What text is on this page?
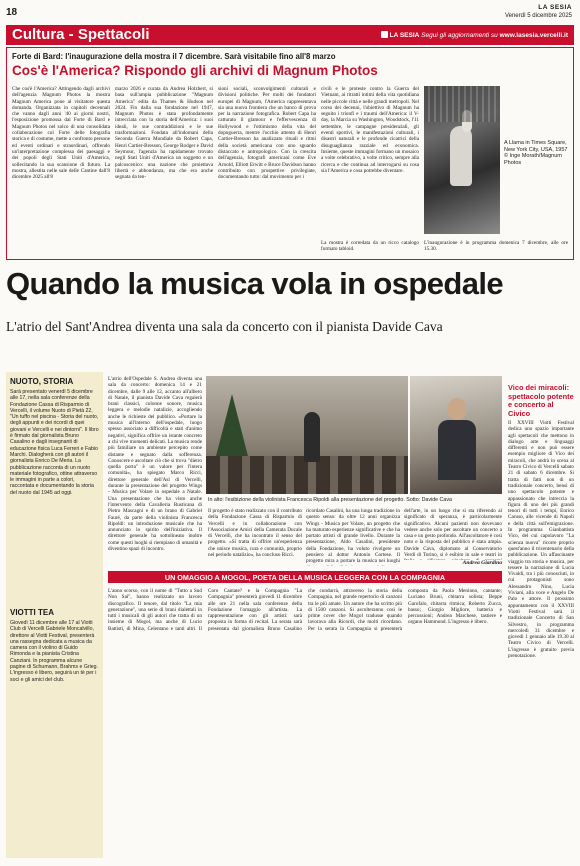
18	LA SESIA
Venerdì 5 dicembre 2025
Cultura - Spettacoli	LA SESIA Segui gli aggiornamenti su www.lasesia.vercelli.it
Forte di Bard: l'inaugurazione della mostra il 7 dicembre. Sarà visitabile fino all'8 marzo
Cos'è l'America? Rispondo gli archivi di Magnum Photos
Che cos'è l'America? Attingendo dagli archivi dell'agenzia Magnum Photos la mostra Magnum America pone al visitatore questa domanda. Organizzata in capitoli decennali che vanno dagli anni '40 ai giorni nostri, l'esposizione promossa dal Forte di Bard e Magnum Photos nel solco di una consolidata collaborazione col Forte delle fotografia storica e di costume, mette a confronto persone ed eventi ordinari e straordinari, offrendo un'interpretazione complessa dei paesaggi e dei popoli degli Stati Uniti d'America, sollecitando la sua scansione di futuro. La mostra, allestita nelle sale delle Cantine dall'8 dicembre 2025 all'8
marzo 2026 e curata da Andrea Holzherr, si basa sull'ampia pubblicazione "Magnum America" edita da Thames & Hudson nel 2024. Fin dalla sua fondazione nel 1947, Magnum Photos è stata profondamente intrecciata con la storia dell'America: i suoi ideali, le sue contraddizioni e le sue trasformazioni. Fondata all'indomani della Seconda Guerra Mondiale da Robert Capa, Henri Cartier-Bresson, George Rodger e David Seymour, l'agenzia ha rapidamente trovato negli Stati Uniti d'America un soggetto e un palcoscenico: una nazione che proiettava libertà e abbondanza, ma che era anche segnata da ten-
sioni sociali, sconvolgimenti culturali e divisioni politiche. Per molti dei fondatori europei di Magnum, l'America rappresentava sia una nuova frontiera che un banco di prova per la narrazione fotografica. Robert Capa ha catturato il glamour e l'effervescenza di Hollywood e l'ottimismo della vita del dopoguerra, mentre l'occhio attento di Henri Cartier-Bresson ha analizzato rituali e ritmi della società americana con uno sguardo distaccato e antropologico. Con la crescita dell'agenzia, fotografi americani come Eve Arnold, Elliott Erwitt e Bruce Davidson hanno contribuito con prospettive privilegiate, documentando tutto: dal movimento per i
civili e le proteste contro la Guerra del Vietnam, ai ritratti intimi della vita quotidiana nelle piccole città e nelle grandi metropoli. Nel corso dei decenni, l'obiettivo di Magnum ha seguito i trionfi e i traumi dell'America: il V-day, la Marcia su Washington, Woodstock, l'11 settembre, le campagne presidenziali, gli eventi sportivi, le manifestazioni culturali, i disastri naturali e le profonde cicatrici della disuguaglianza razziale ed economica. Insieme, queste immagini formano un mosaico a volte celebrativo, a volte critico, sempre alla ricerca e che continua ad interrogarsi su cosa sia l'America e cosa potrebbe diventare.
La mostra è corredata da un ricco catalogo formato tabloid.
A Llama in Times Square, New York City, USA, 1957 © Inge Morath/Magnum Photos
L'inaugurazione è in programma domenica 7 dicembre, alle ore 15.30.
Quando la musica vola in ospedale
L'atrio del Sant'Andrea diventa una sala da concerto con il pianista Davide Cava
NUOTO, STORIA
Sarà presentato venerdì 5 dicembre alle 17, nella sala conferenze della Fondazione Cassa di Risparmio di Vercelli, il volume Nuoto di Pietà 22, "Un tuffo nel piscina - Storia del nuoto, degli appunti e dei ricordi di quei giovani e Vercelli e nei dintorni". Il libro è firmato dal giornalista Bruno Casalino e dagli insegnanti di educazione fisica Luca Ferreri e Fabio Marchi. Dialogherà con gli autori il giornalista Enrico De Meria. La pubblicazione racconta di un nuoto materiale fotografico, ottine attraverso le immagini in parte a colori, raccontata e documentando la storia del nuoto dal 1945 ad oggi.
VIOTTI TEA
Giovedì 11 dicembre alle 17 al Viotti Club di Vercelli Gabriele Moncalvillo, direttore al Viotti Festival, presenterà una rassegna dedicata a musica da camera con il violino di Guido Rimonda e la pianista Cristina Canziani. In programma alcune pagine di Schumann, Brahms e Grieg. L'ingresso è libero, seguirà un tè per i soci e gli amici del club.
In alto: l'esibizione della violinista Francesca Ripoldi alla presentazione del progetto. Sotto: Davide Cava
L'atrio dell'Ospedale S. Andrea diventa una sala da concerto: domenica 14 e 21 dicembre, dalle 9 alle 12, accanto all'albero di Natale, il pianista Davide Cava regalerà brani classici, colonne sonore, musica leggera e melodie natalizie, accogliendo anche le richieste del pubblico. «Portare la musica all'interno dell'ospedale, luogo spesso associato a difficoltà e stati d'animo negativi, significa offrire un istante concreto a chi vive momenti delicati. La musica rende più familiare un ambiente percepito come distante e segnato dalla sofferenza. Conoscere e ascoltare ciò che si trova "dietro quella porta" è un valore per l'intera comunità», ha spiegato Marco Ricci, direttore generale dell'Asl di Vercelli, durante la presentazione del progetto Wings - Musica per Volare in ospedale a Natale. Una presentazione che ha visto anche l'intervento della Cavalleria Rusticana di Pietro Mascagni e di un brano di Gabriel Fauré, da parte della violinista Francesca Ripoldi: un introduzione musicale che ha annunciato lo spirito dell'iniziativa. Il direttore generale ha sottolineato inoltre come questi luoghi si riempiano di umanità e diventino spazi di incontro.
Il progetto è stato realizzato con il contributo della Fondazione Cassa di Risparmio di Vercelli e in collaborazione con l'Associazione Amici della Camerata Ducale di Vercelli, che ha incontrato il senso del progetto. «Si tratta di offrire un'esperienza che unisce musica, cura e comunità, proprio nel periodo natalizio», ha concluso Ricci.
ricordato Casalini, ha una lunga tradizione in questo senso: da oltre 12 anni organizza Wings - Musica per Volare, un progetto che ha maturato esperienze significative e che ha portato artisti di grande livello. Durante la presentazione, Aldo Casalini, presidente della Fondazione, ha voluto rivolgere un pensiero al dottor Antonio Cortese. Il progetto mira a portare la musica nei luoghi
dell'arte, in un luogo che si sta riferendo al significato di speranza, è particolarmente significativo. Alcuni pazienti non dovevano vedere anche solo per ascoltare un concerto a casa e un gesto profondo. All'ascoltatore è così noto e la risposta del pubblico è stata ampia. Davide Cava, diplomato al Conservatorio Verdi di Torino, si è esibito in sale e teatri in
Andrea Giardina
Vico dei miracoli: spettacolo potente e concerto al Civico
Il XXVIII Viotti Festival dedica uno spazio importante agli spettacoli che mettono in dialogo arte e linguaggi differenti e non può essere esempio migliore di Vico dei miracoli, che andrà in scena al Teatro Civico di Vercelli sabato 21 di sabato 6 dicembre. Si tratta di fatti non di un tradizionale concerto, bensì di uno spettacolo potente e appassionato che intreccia la figura di uno dei più grandi tenori di tutti i tempi, Enrico Caruso, alle vicende di Napoli e della città sull'emigrazione. In programma Gianbattista Vico, del cui capolavoro "La scienza nuova" ricorre proprio quest'anno il tricentenario della pubblicazione. Un affascinante viaggio tra storia e musica, per tessere la narrazione di Lucia Vivaldi, tra i più conosciuti, in cui protagonisti sono Alessandro Nino, Lucia Viviani, alla voce e Angelo De Palo e attore. Il prossimo appuntamento con il XXVIII Viotti Festival sarà il tradizionale Concerto di San Silvestro, in programma mercoledì 31 dicembre e giovedì 1 gennaio alle 19.30 al Teatro Civico di Vercelli. L'ingresso è gratuito previa prenotazione.
UN OMAGGIO A MOGOL, POETA DELLA MUSICA LEGGERA CON LA COMPAGNIA

L'anno scorso, con il nome di "Tutto a Sud Non Sai", hanno realizzato un lavoro discografico. Il tenore, dal titolo "La mia generazione", una serie di brani dialettali in tutti i musicali di gli autori che tratta di un insieme di Mogol, ma anche di Lucio Battisti, di Mina, Celentano e tanti altri. Il Coro Cantate? e la Compagnia "La Compagnia" presenterà giovedì 11 dicembre alle ore 21 nella sala conferenze della Fondazione l'omaggio all'artista. La rappresentazione con gli artisti: sarà proposta in forma di recital. La serata sarà presentata dal giornalista Bruno Casalino che condurrà, attraverso la storia della Compagnia, nel grande repertorio di canzoni tra le più amate. Un autore che ha scritto più di 1500 canzoni. Si ascolteranno così le prime cover che Mogol tradusse quando lavorava alla Ricordi, che molti ricordano. Per la serata la Compagnia si presenterà composta da Paola Meninno, cantante; Luciano Bruni, chitarra solista; Beppe Garofalo, chitarra ritmica; Roberto Zucca, basso; Giorgio Migliore, batteria e percussioni; Andrea Marchese, tastiere e organo Hammond. L'ingresso è libero.
